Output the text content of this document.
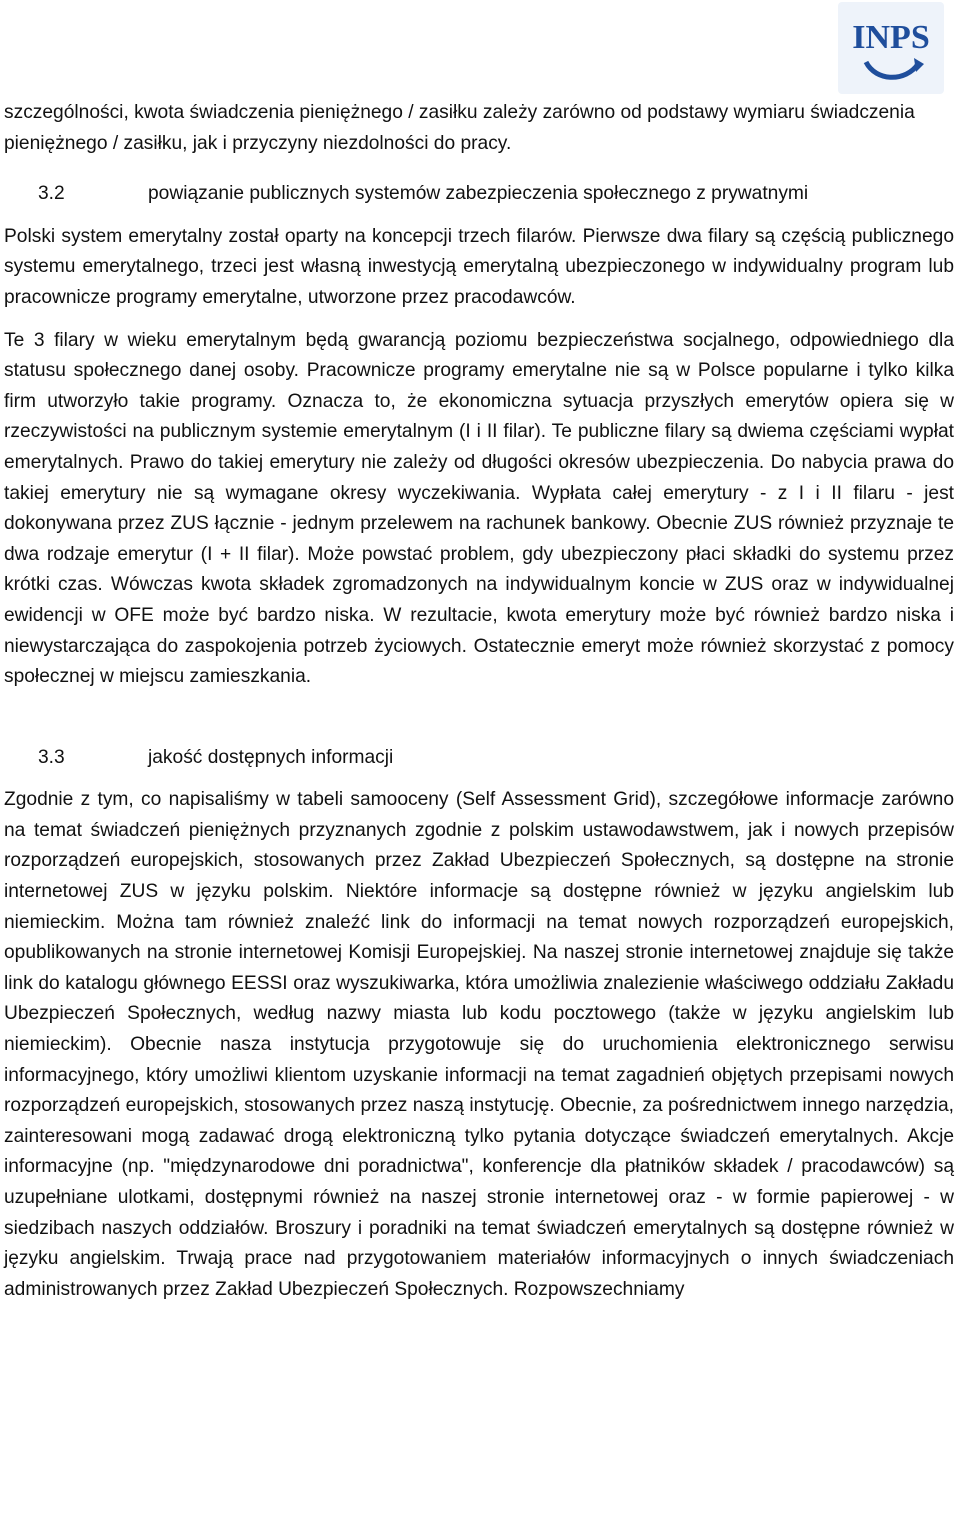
INPS

szczególności, kwota świadczenia pieniężnego / zasiłku zależy zarówno od podstawy wymiaru świadczenia pieniężnego / zasiłku, jak i przyczyny niezdolności do pracy.

3.2	powiązanie publicznych systemów zabezpieczenia społecznego z prywatnymi

Polski system emerytalny został oparty na koncepcji trzech filarów. Pierwsze dwa filary są częścią publicznego systemu emerytalnego, trzeci jest własną inwestycją emerytalną ubezpieczonego w indywidualny program lub pracownicze programy emerytalne, utworzone przez pracodawców.

Te 3 filary w wieku emerytalnym będą gwarancją poziomu bezpieczeństwa socjalnego, odpowiedniego dla statusu społecznego danej osoby. Pracownicze programy emerytalne nie są w Polsce popularne i tylko kilka firm utworzyło takie programy. Oznacza to, że ekonomiczna sytuacja przyszłych emerytów opiera się w rzeczywistości na publicznym systemie emerytalnym (I i II filar). Te publiczne filary są dwiema częściami wypłat emerytalnych. Prawo do takiej emerytury nie zależy od długości okresów ubezpieczenia. Do nabycia prawa do takiej emerytury nie są wymagane okresy wyczekiwania. Wypłata całej emerytury - z I i II filaru - jest dokonywana przez ZUS łącznie - jednym przelewem na rachunek bankowy. Obecnie ZUS również przyznaje te dwa rodzaje emerytur (I + II filar). Może powstać problem, gdy ubezpieczony płaci składki do systemu przez krótki czas. Wówczas kwota składek zgromadzonych na indywidualnym koncie w ZUS oraz w indywidualnej ewidencji w OFE może być bardzo niska. W rezultacie, kwota emerytury może być również bardzo niska i niewystarczająca do zaspokojenia potrzeb życiowych. Ostatecznie emeryt może również skorzystać z pomocy społecznej w miejscu zamieszkania.

3.3	jakość dostępnych informacji

Zgodnie z tym, co napisaliśmy w tabeli samooceny (Self Assessment Grid), szczegółowe informacje zarówno na temat świadczeń pieniężnych przyznanych zgodnie z polskim ustawodawstwem, jak i nowych przepisów rozporządzeń europejskich, stosowanych przez Zakład Ubezpieczeń Społecznych, są dostępne na stronie internetowej ZUS w języku polskim. Niektóre informacje są dostępne również w języku angielskim lub niemieckim. Można tam również znaleźć link do informacji na temat nowych rozporządzeń europejskich, opublikowanych na stronie internetowej Komisji Europejskiej. Na naszej stronie internetowej znajduje się także link do katalogu głównego EESSI oraz wyszukiwarka, która umożliwia znalezienie właściwego oddziału Zakładu Ubezpieczeń Społecznych, według nazwy miasta lub kodu pocztowego (także w języku angielskim lub niemieckim). Obecnie nasza instytucja przygotowuje się do uruchomienia elektronicznego serwisu informacyjnego, który umożliwi klientom uzyskanie informacji na temat zagadnień objętych przepisami nowych rozporządzeń europejskich, stosowanych przez naszą instytucję. Obecnie, za pośrednictwem innego narzędzia, zainteresowani mogą zadawać drogą elektroniczną tylko pytania dotyczące świadczeń emerytalnych. Akcje informacyjne (np. "międzynarodowe dni poradnictwa", konferencje dla płatników składek / pracodawców) są uzupełniane ulotkami, dostępnymi również na naszej stronie internetowej oraz - w formie papierowej - w siedzibach naszych oddziałów. Broszury i poradniki na temat świadczeń emerytalnych są dostępne również w języku angielskim. Trwają prace nad przygotowaniem materiałów informacyjnych o innych świadczeniach administrowanych przez Zakład Ubezpieczeń Społecznych. Rozpowszechniamy
